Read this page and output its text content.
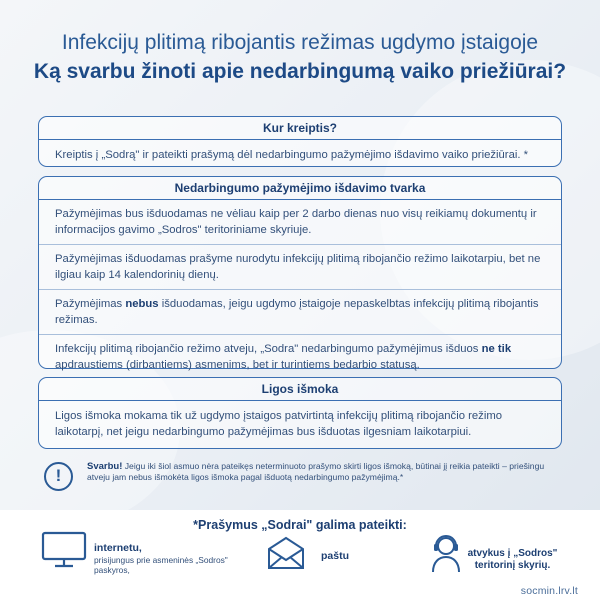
Infekcijų plitimą ribojantis režimas ugdymo įstaigoje
Ką svarbu žinoti apie nedarbingumą vaiko priežiūrai?
Kur kreiptis?
Kreiptis į „Sodrą" ir pateikti prašymą dėl nedarbingumo pažymėjimo išdavimo vaiko priežiūrai. *
Nedarbingumo pažymėjimo išdavimo tvarka
Pažymėjimas bus išduodamas ne vėliau kaip per 2 darbo dienas nuo visų reikiamų dokumentų ir informacijos gavimo „Sodros" teritoriniame skyriuje.
Pažymėjimas išduodamas prašyme nurodytu infekcijų plitimą ribojančio režimo laikotarpiu, bet ne ilgiau kaip 14 kalendorinių dienų.
Pažymėjimas nebus išduodamas, jeigu ugdymo įstaigoje nepaskelbtas infekcijų plitimą ribojantis režimas.
Infekcijų plitimą ribojančio režimo atveju, „Sodra" nedarbingumo pažymėjimus išduos ne tik apdraustiems (dirbantiems) asmenims, bet ir turintiems bedarbio statusą.
Ligos išmoka
Ligos išmoka mokama tik už ugdymo įstaigos patvirtintą infekcijų plitimą ribojančio režimo laikotarpį, net jeigu nedarbingumo pažymėjimas bus išduotas ilgesniam laikotarpiui.
!	Svarbu! Jeigu iki šiol asmuo nėra pateikęs neterminuoto prašymo skirti ligos išmoką, būtinai jį reikia pateikti – priešingu atveju jam nebus išmokėta ligos išmoka pagal išduotą nedarbingumo pažymėjimą.*
*Prašymus „Sodrai" galima pateikti:
internetu,
prisijungus prie asmeninės „Sodros" paskyros,
paštu	atvykus į „Sodros" teritorinį skyrių.
socmin.lrv.lt
